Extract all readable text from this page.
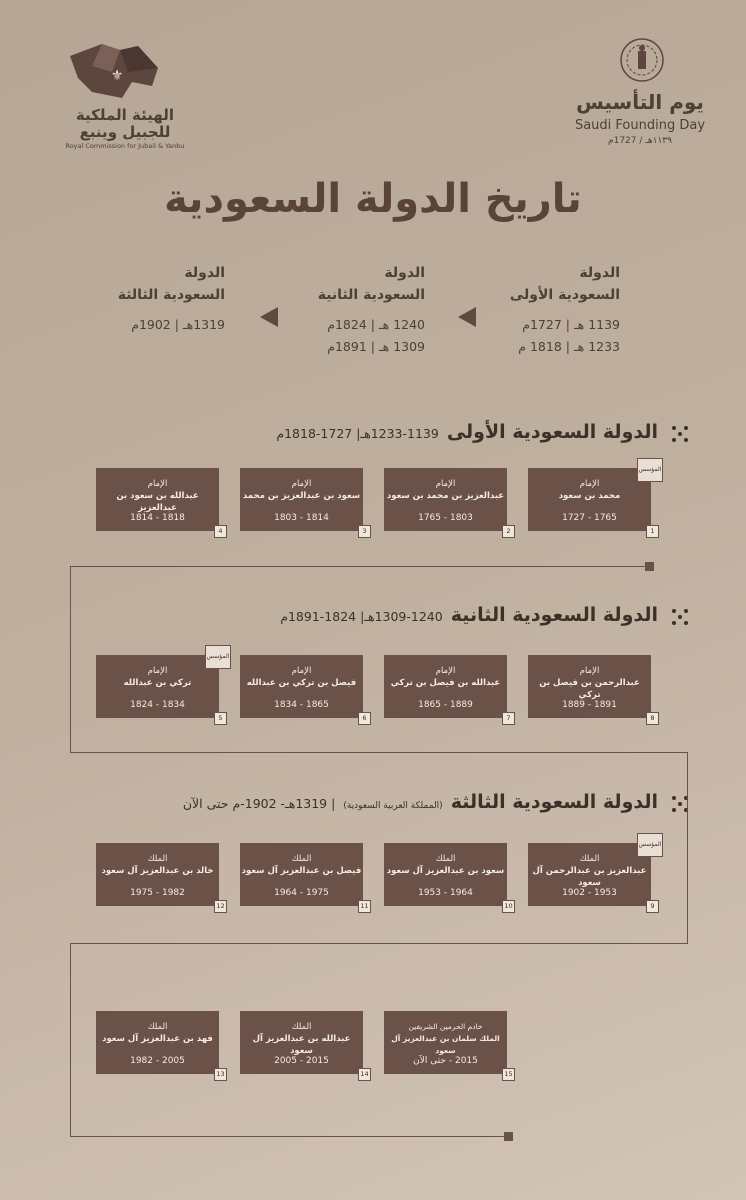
⚜
الهيئة الملكية
للجبيل وينبع
Royal Commission for Jubail & Yanbu
يوم التأسيس
Saudi Founding Day
١١٣٩هـ / 1727م
تاريخ الدولة السعودية
الدولة
السعودية الأولى
1139 هـ | 1727م
1233 هـ | 1818 م
الدولة
السعودية الثانية
1240 هـ | 1824م
1309 هـ | 1891م
الدولة
السعودية الثالثة
1319هـ | 1902م
الدولة السعودية الأولى1139-1233هـ| 1727-1818م
الدولة السعودية الثانية1240-1309هـ| 1824-1891م
الدولة السعودية الثالثة(المملكة العربية السعودية)| 1319هـ- 1902-م حتى الآن
الإمام
محمد بن سعود
1765 - 1727
1
المؤسس
الإمام
عبدالعزيز بن محمد بن سعود
1803 - 1765
2
الإمام
سعود بن عبدالعزيز بن محمد
1814 - 1803
3
الإمام
عبدالله بن سعود بن عبدالعزيز
1818 - 1814
4
الإمام
تركي بن عبدالله
1834 - 1824
5
المؤسس
الإمام
فيصل بن تركي بن عبدالله
1865 - 1834
6
الإمام
عبدالله بن فيصل بن تركي
1889 - 1865
7
الإمام
عبدالرحمن بن فيصل بن تركي
1891 - 1889
8
الملك
عبدالعزيز بن عبدالرحمن آل سعود
1953 - 1902
9
المؤسس
الملك
سعود بن عبدالعزيز آل سعود
1964 - 1953
10
الملك
فيصل بن عبدالعزيز آل سعود
1975 - 1964
11
الملك
خالد بن عبدالعزيز آل سعود
1982 - 1975
12
الملك
فهد بن عبدالعزيز آل سعود
2005 - 1982
13
الملك
عبدالله بن عبدالعزيز آل سعود
2015 - 2005
14
خادم الحرمين الشريفين
الملك سلمان بن عبدالعزيز آل سعود
2015 - حتى الآن
15
